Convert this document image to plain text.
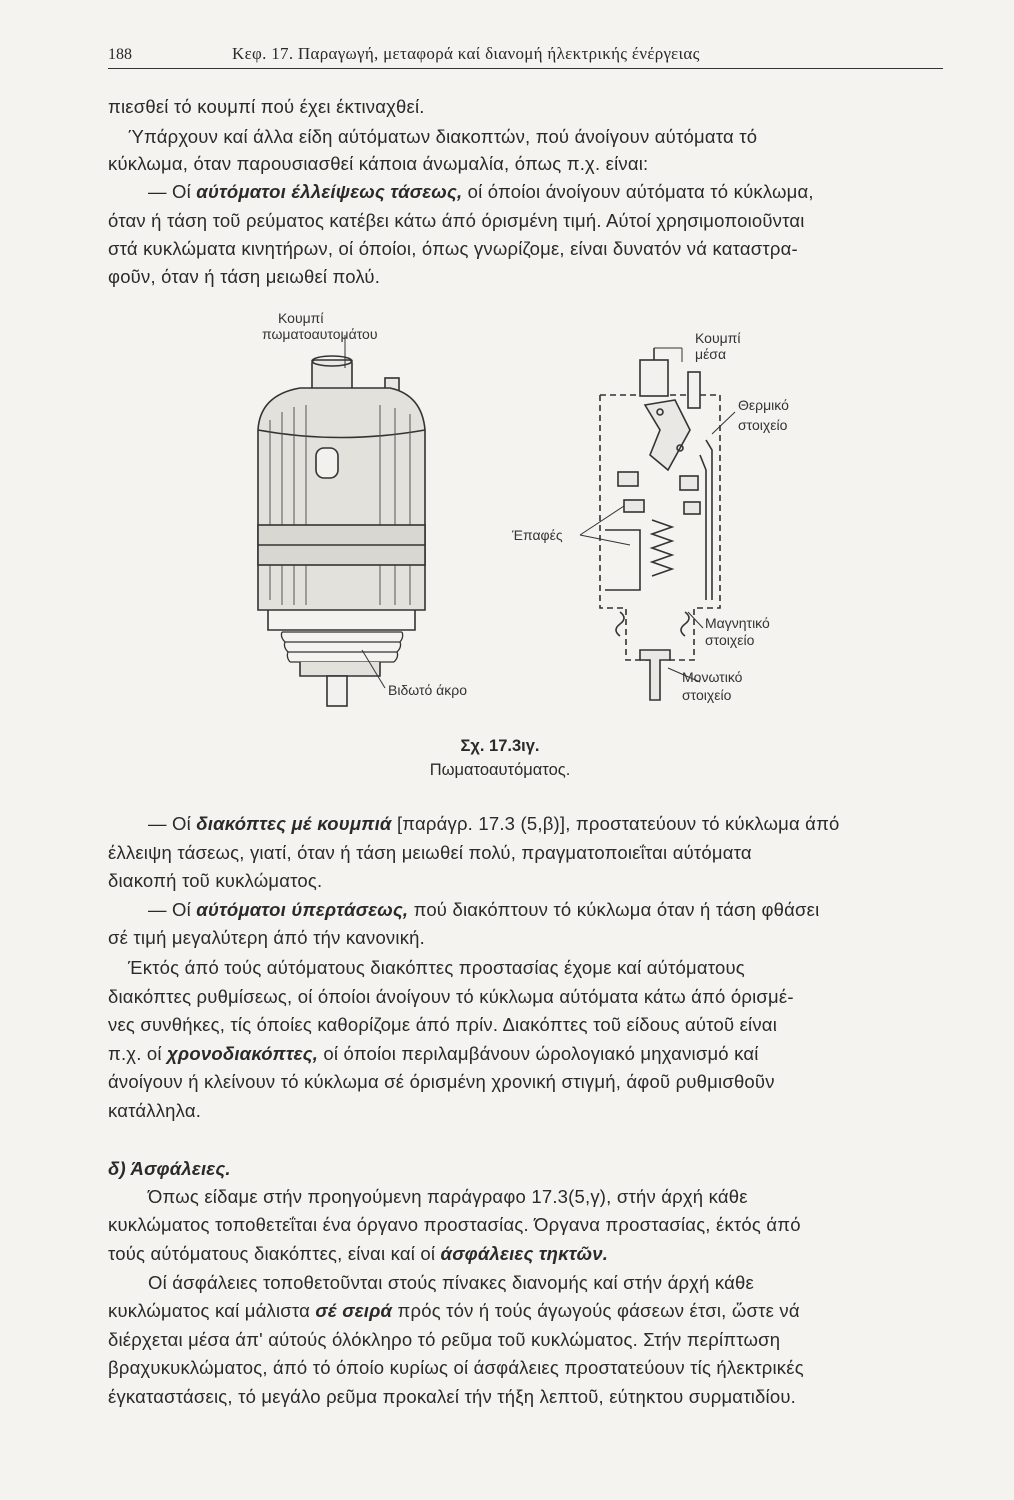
188	Κεφ. 17. Παραγωγή, μεταφορά καί διανομή ήλεκτρικής ένέργειας
πιεσθεί τό κουμπί πού έχει έκτιναχθεί.
Ύπάρχουν καί άλλα είδη αύτόματων διακοπτών, πού άνοίγουν αύτόματα τό
κύκλωμα, όταν παρουσιασθεί κάποια άνωμαλία, όπως π.χ. είναι:
— Οί αύτόματοι έλλείψεως τάσεως, οί όποίοι άνοίγουν αύτόματα τό κύκλωμα,
όταν ή τάση τοῦ ρεύματος κατέβει κάτω άπό όρισμένη τιμή. Αύτοί χρησιμοποιοῦνται
στά κυκλώματα κινητήρων, οί όποίοι, όπως γνωρίζομε, είναι δυνατόν νά καταστρα-
φοῦν, όταν ή τάση μειωθεί πολύ.
Κουμπί
πωματοαυτομάτου
Βιδωτό άκρο
Κουμπί
μέσα
Θερμικό
στοιχείο
Έπαφές
Μαγνητικό
στοιχείο
Μονωτικό
στοιχείο
Σχ. 17.3ιγ.
Πωματοαυτόματος.
— Οί διακόπτες μέ κουμπιά [παράγρ. 17.3 (5,β)], προστατεύουν τό κύκλωμα άπό
έλλειψη τάσεως, γιατί, όταν ή τάση μειωθεί πολύ, πραγματοποιεΐται αύτόματα
διακοπή τοῦ κυκλώματος.
— Οί αύτόματοι ύπερτάσεως, πού διακόπτουν τό κύκλωμα όταν ή τάση φθάσει
σέ τιμή μεγαλύτερη άπό τήν κανονική.
Έκτός άπό τούς αύτόματους διακόπτες προστασίας έχομε καί αύτόματους
διακόπτες ρυθμίσεως, οί όποίοι άνοίγουν τό κύκλωμα αύτόματα κάτω άπό όρισμέ-
νες συνθήκες, τίς όποίες καθορίζομε άπό πρίν. Διακόπτες τοῦ είδους αύτοῦ είναι
π.χ. οί χρονοδιακόπτες, οί όποίοι περιλαμβάνουν ώρολογιακό μηχανισμό καί
άνοίγουν ή κλείνουν τό κύκλωμα σέ όρισμένη χρονική στιγμή, άφοῦ ρυθμισθοῦν
κατάλληλα.
δ) Άσφάλειες.
Όπως είδαμε στήν προηγούμενη παράγραφο 17.3(5,γ), στήν άρχή κάθε
κυκλώματος τοποθετεΐται ένα όργανο προστασίας. Όργανα προστασίας, έκτός άπό
τούς αύτόματους διακόπτες, είναι καί οί άσφάλειες τηκτῶν.
Οί άσφάλειες τοποθετοῦνται στούς πίνακες διανομής καί στήν άρχή κάθε
κυκλώματος καί μάλιστα σέ σειρά πρός τόν ή τούς άγωγούς φάσεων έτσι, ὥστε νά
διέρχεται μέσα άπ' αύτούς όλόκληρο τό ρεῦμα τοῦ κυκλώματος. Στήν περίπτωση
βραχυκυκλώματος, άπό τό όποίο κυρίως οί άσφάλειες προστατεύουν τίς ήλεκτρικές
έγκαταστάσεις, τό μεγάλο ρεῦμα προκαλεί τήν τήξη λεπτοῦ, εύτηκτου συρματιδίου.
